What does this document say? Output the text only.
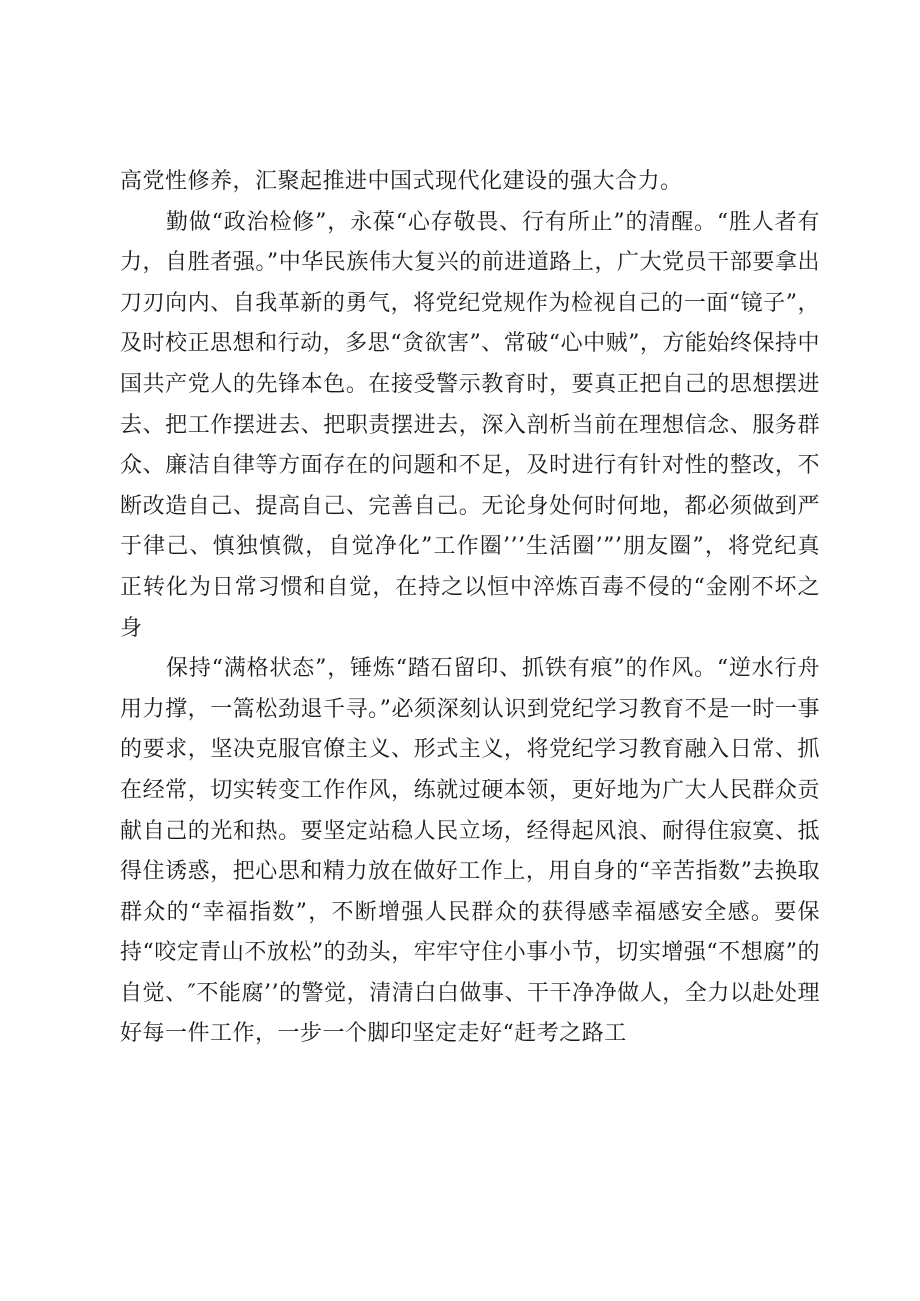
高党性修养，汇聚起推进中国式现代化建设的强大合力。

勤做“政治检修”，永葆“心存敬畏、行有所止”的清醒。“胜人者有力，自胜者强。”中华民族伟大复兴的前进道路上，广大党员干部要拿出刀刃向内、自我革新的勇气，将党纪党规作为检视自己的一面“镜子”，及时校正思想和行动，多思“贪欲害”、常破“心中贼”，方能始终保持中国共产党人的先锋本色。在接受警示教育时，要真正把自己的思想摆进去、把工作摆进去、把职责摆进去，深入剖析当前在理想信念、服务群众、廉洁自律等方面存在的问题和不足，及时进行有针对性的整改，不断改造自己、提高自己、完善自己。无论身处何时何地，都必须做到严于律己、慎独慎微，自觉净化”工作圈’’’生活圈’”’朋友圈”，将党纪真正转化为日常习惯和自觉，在持之以恒中淬炼百毒不侵的“金刚不坏之身

保持“满格状态”，锤炼“踏石留印、抓铁有痕”的作风。“逆水行舟用力撑，一篙松劲退千寻。”必须深刻认识到党纪学习教育不是一时一事的要求，坚决克服官僚主义、形式主义，将党纪学习教育融入日常、抓在经常，切实转变工作作风，练就过硬本领，更好地为广大人民群众贡献自己的光和热。要坚定站稳人民立场，经得起风浪、耐得住寂寞、抵得住诱惑，把心思和精力放在做好工作上，用自身的“辛苦指数”去换取群众的“幸福指数”，不断增强人民群众的获得感幸福感安全感。要保持“咬定青山不放松”的劲头，牢牢守住小事小节，切实增强“不想腐”的自觉、″不能腐’’的警觉，清清白白做事、干干净净做人，全力以赴处理好每一件工作，一步一个脚印坚定走好“赶考之路工
